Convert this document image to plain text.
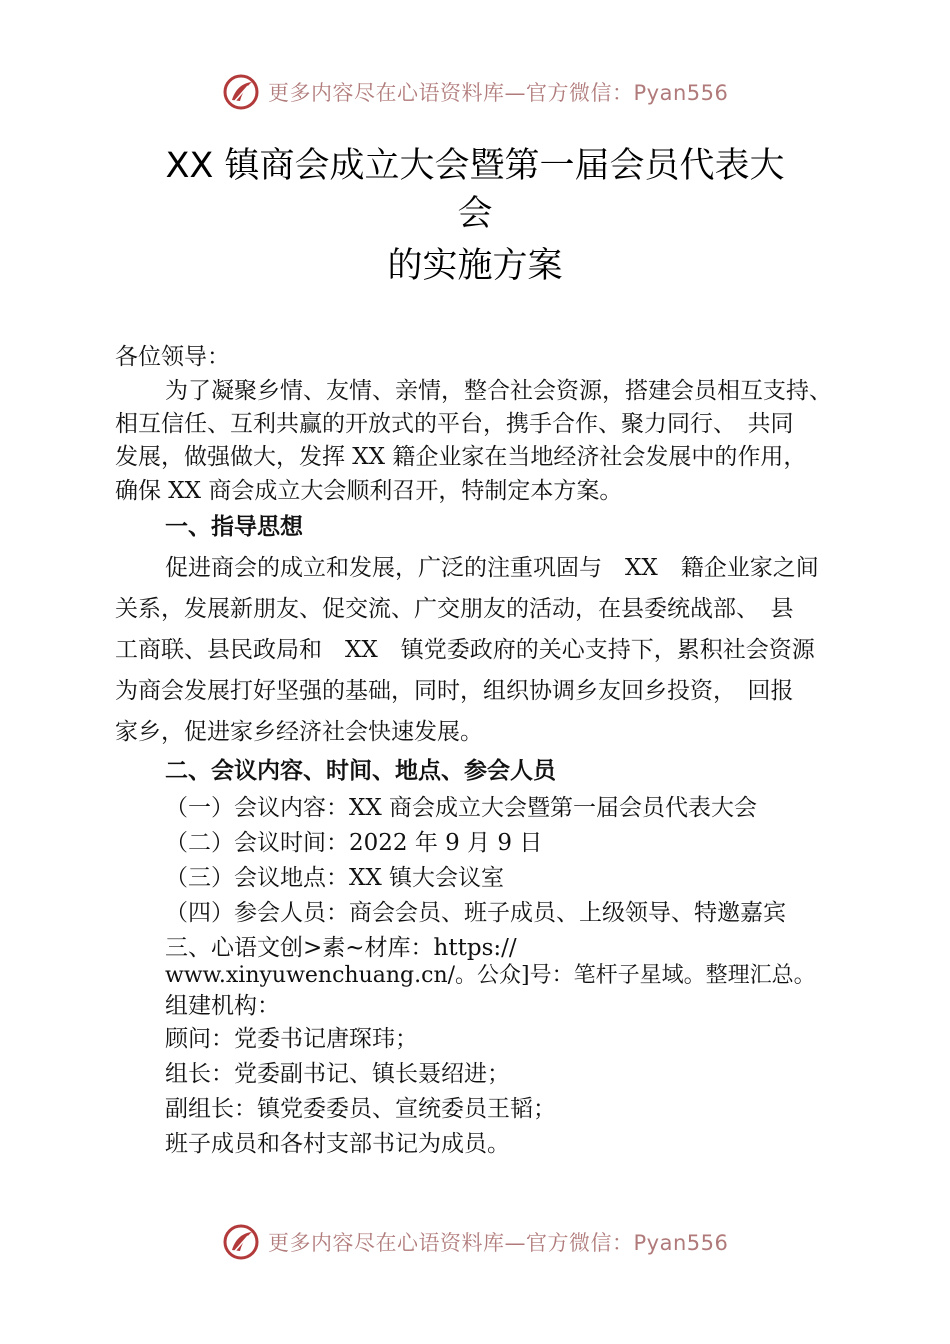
更多内容尽在心语资料库—官方微信：Pyan556
XX 镇商会成立大会暨第一届会员代表大
会
的实施方案
各位领导：
为了凝聚乡情、友情、亲情，整合社会资源，搭建会员相互支持、
相互信任、互利共赢的开放式的平台，携手合作、聚力同行、　共同
发展，做强做大，发挥 XX 籍企业家在当地经济社会发展中的作用，
确保 XX 商会成立大会顺利召开，特制定本方案。
一、指导思想
促进商会的成立和发展，广泛的注重巩固与　XX　籍企业家之间
关系，发展新朋友、促交流、广交朋友的活动，在县委统战部、　县
工商联、县民政局和　XX　镇党委政府的关心支持下，累积社会资源
为商会发展打好坚强的基础，同时，组织协调乡友回乡投资，　回报
家乡，促进家乡经济社会快速发展。
二、会议内容、时间、地点、参会人员
（一）会议内容：XX 商会成立大会暨第一届会员代表大会
（二）会议时间：2022 年 9 月 9 日
（三）会议地点：XX 镇大会议室
（四）参会人员：商会会员、班子成员、上级领导、特邀嘉宾
三、心语文创>素~材库：https://
www.xinyuwenchuang.cn/。公众]号：笔杆子星域。整理汇总。
组建机构：
顾问：党委书记唐琛玮；
组长：党委副书记、镇长聂绍进；
副组长：镇党委委员、宣统委员王韬；
班子成员和各村支部书记为成员。
更多内容尽在心语资料库—官方微信：Pyan556
